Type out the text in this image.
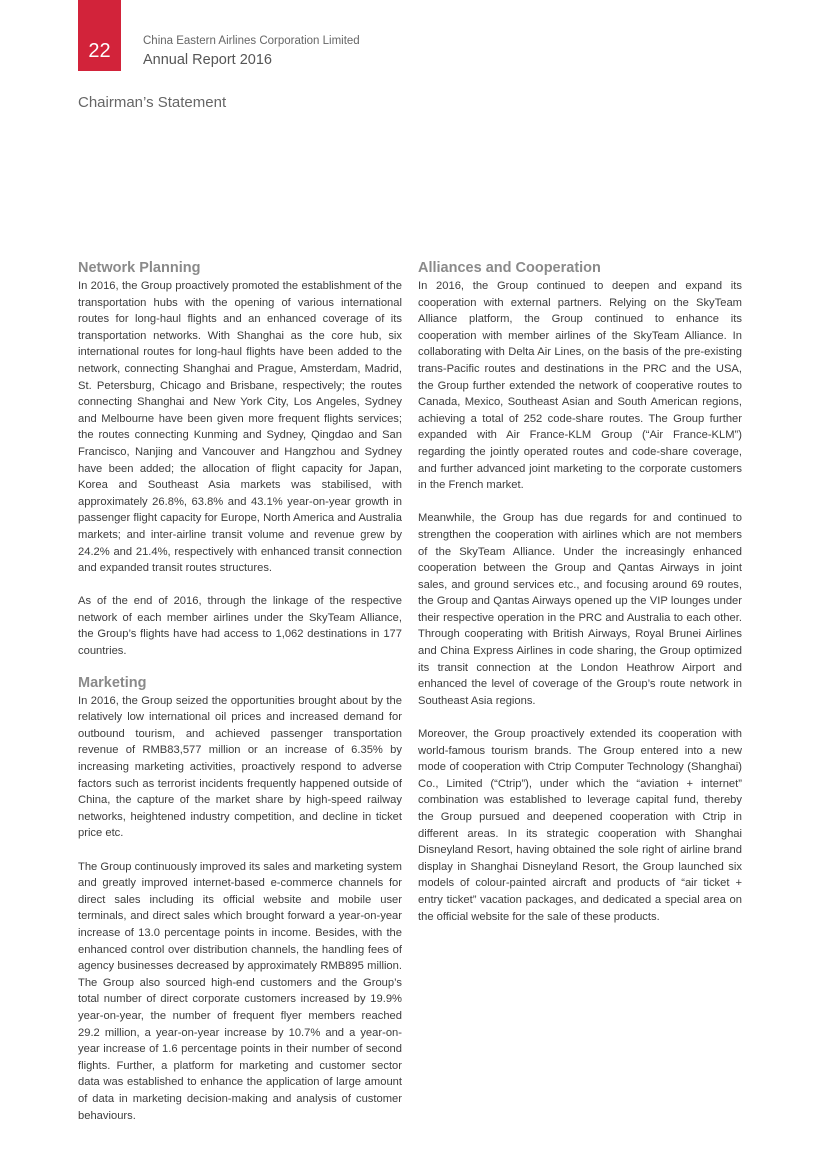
22	China Eastern Airlines Corporation Limited
Annual Report 2016
Chairman’s Statement
Network Planning

In 2016, the Group proactively promoted the establishment of the transportation hubs with the opening of various international routes for long-haul flights and an enhanced coverage of its transportation networks. With Shanghai as the core hub, six international routes for long-haul flights have been added to the network, connecting Shanghai and Prague, Amsterdam, Madrid, St. Petersburg, Chicago and Brisbane, respectively; the routes connecting Shanghai and New York City, Los Angeles, Sydney and Melbourne have been given more frequent flights services; the routes connecting Kunming and Sydney, Qingdao and San Francisco, Nanjing and Vancouver and Hangzhou and Sydney have been added; the allocation of flight capacity for Japan, Korea and Southeast Asia markets was stabilised, with approximately 26.8%, 63.8% and 43.1% year-on-year growth in passenger flight capacity for Europe, North America and Australia markets; and inter-airline transit volume and revenue grew by 24.2% and 21.4%, respectively with enhanced transit connection and expanded transit routes structures.

As of the end of 2016, through the linkage of the respective network of each member airlines under the SkyTeam Alliance, the Group’s flights have had access to 1,062 destinations in 177 countries.

Marketing

In 2016, the Group seized the opportunities brought about by the relatively low international oil prices and increased demand for outbound tourism, and achieved passenger transportation revenue of RMB83,577 million or an increase of 6.35% by increasing marketing activities, proactively respond to adverse factors such as terrorist incidents frequently happened outside of China, the capture of the market share by high-speed railway networks, heightened industry competition, and decline in ticket price etc.

The Group continuously improved its sales and marketing system and greatly improved internet-based e-commerce channels for direct sales including its official website and mobile user terminals, and direct sales which brought forward a year-on-year increase of 13.0 percentage points in income. Besides, with the enhanced control over distribution channels, the handling fees of agency businesses decreased by approximately RMB895 million. The Group also sourced high-end customers and the Group’s total number of direct corporate customers increased by 19.9% year-on-year, the number of frequent flyer members reached 29.2 million, a year-on-year increase by 10.7% and a year-on-year increase of 1.6 percentage points in their number of second flights. Further, a platform for marketing and customer sector data was established to enhance the application of large amount of data in marketing decision-making and analysis of customer behaviours.

Alliances and Cooperation

In 2016, the Group continued to deepen and expand its cooperation with external partners. Relying on the SkyTeam Alliance platform, the Group continued to enhance its cooperation with member airlines of the SkyTeam Alliance. In collaborating with Delta Air Lines, on the basis of the pre-existing trans-Pacific routes and destinations in the PRC and the USA, the Group further extended the network of cooperative routes to Canada, Mexico, Southeast Asian and South American regions, achieving a total of 252 code-share routes. The Group further expanded with Air France-KLM Group (“Air France-KLM”) regarding the jointly operated routes and code-share coverage, and further advanced joint marketing to the corporate customers in the French market.

Meanwhile, the Group has due regards for and continued to strengthen the cooperation with airlines which are not members of the SkyTeam Alliance. Under the increasingly enhanced cooperation between the Group and Qantas Airways in joint sales, and ground services etc., and focusing around 69 routes, the Group and Qantas Airways opened up the VIP lounges under their respective operation in the PRC and Australia to each other. Through cooperating with British Airways, Royal Brunei Airlines and China Express Airlines in code sharing, the Group optimized its transit connection at the London Heathrow Airport and enhanced the level of coverage of the Group’s route network in Southeast Asia regions.

Moreover, the Group proactively extended its cooperation with world-famous tourism brands. The Group entered into a new mode of cooperation with Ctrip Computer Technology (Shanghai) Co., Limited (“Ctrip”), under which the “aviation + internet” combination was established to leverage capital fund, thereby the Group pursued and deepened cooperation with Ctrip in different areas. In its strategic cooperation with Shanghai Disneyland Resort, having obtained the sole right of airline brand display in Shanghai Disneyland Resort, the Group launched six models of colour-painted aircraft and products of “air ticket + entry ticket” vacation packages, and dedicated a special area on the official website for the sale of these products.
